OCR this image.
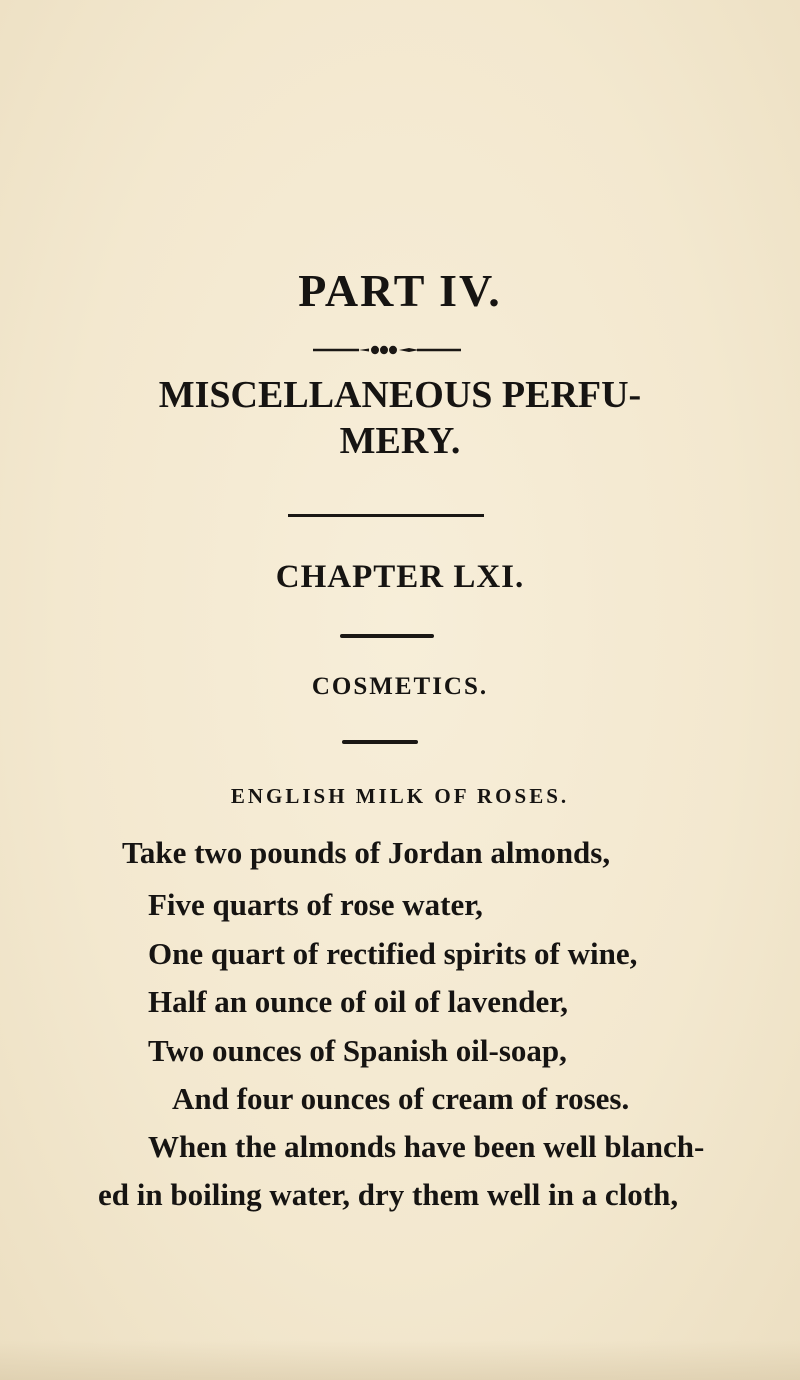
PART IV.
MISCELLANEOUS PERFU-
MERY.
CHAPTER LXI.
COSMETICS.
ENGLISH MILK OF ROSES.
Take two pounds of Jordan almonds,
Five quarts of rose water,
One quart of rectified spirits of wine,
Half an ounce of oil of lavender,
Two ounces of Spanish oil-soap,
And four ounces of cream of roses.
When the almonds have been well blanch-
ed in boiling water, dry them well in a cloth,
